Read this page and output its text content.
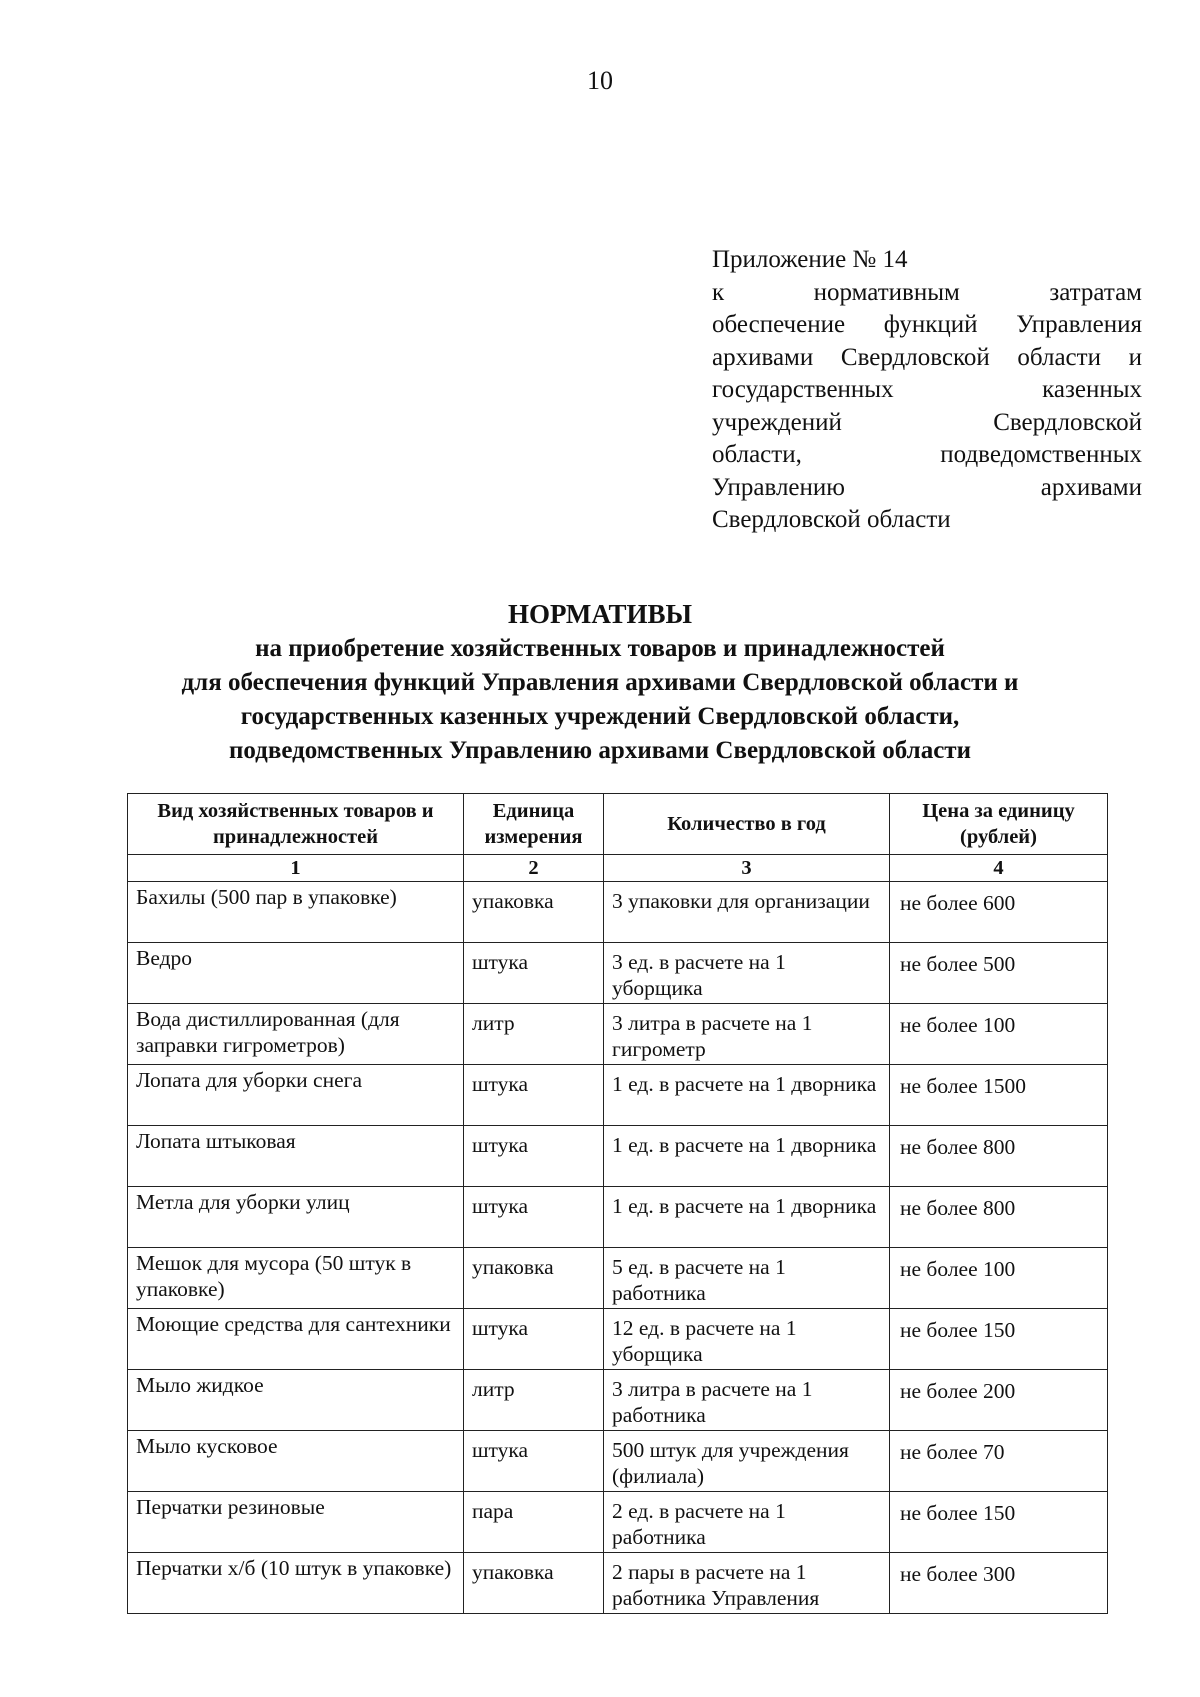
10
Приложение № 14
к	нормативным	затратам
обеспечение функций Управления
архивами Свердловской области и
государственных	казенных
учреждений	Свердловской
области,	подведомственных
Управлению	архивами
Свердловской области
НОРМАТИВЫ
на приобретение хозяйственных товаров и принадлежностей
для обеспечения функций Управления архивами Свердловской области и
государственных казенных учреждений Свердловской области,
подведомственных Управлению архивами Свердловской области
Вид хозяйственных товаров и принадлежностей	Единица измерения	Количество в год	Цена за единицу (рублей)
1	2	3	4
Бахилы (500 пар в упаковке)	упаковка	3 упаковки для организации	не более 600
Ведро	штука	3 ед. в расчете на 1 уборщика	не более 500
Вода дистиллированная (для заправки гигрометров)	литр	3 литра в расчете на 1 гигрометр	не более 100
Лопата для уборки снега	штука	1 ед. в расчете на 1 дворника	не более 1500
Лопата штыковая	штука	1 ед. в расчете на 1 дворника	не более 800
Метла для уборки улиц	штука	1 ед. в расчете на 1 дворника	не более 800
Мешок для мусора (50 штук в упаковке)	упаковка	5 ед. в расчете на 1 работника	не более 100
Моющие средства для сантехники	штука	12 ед. в расчете на 1 уборщика	не более 150
Мыло жидкое	литр	3 литра в расчете на 1 работника	не более 200
Мыло кусковое	штука	500 штук для учреждения (филиала)	не более 70
Перчатки резиновые	пара	2 ед. в расчете на 1 работника	не более 150
Перчатки х/б (10 штук в упаковке)	упаковка	2 пары в расчете на 1 работника Управления	не более 300
